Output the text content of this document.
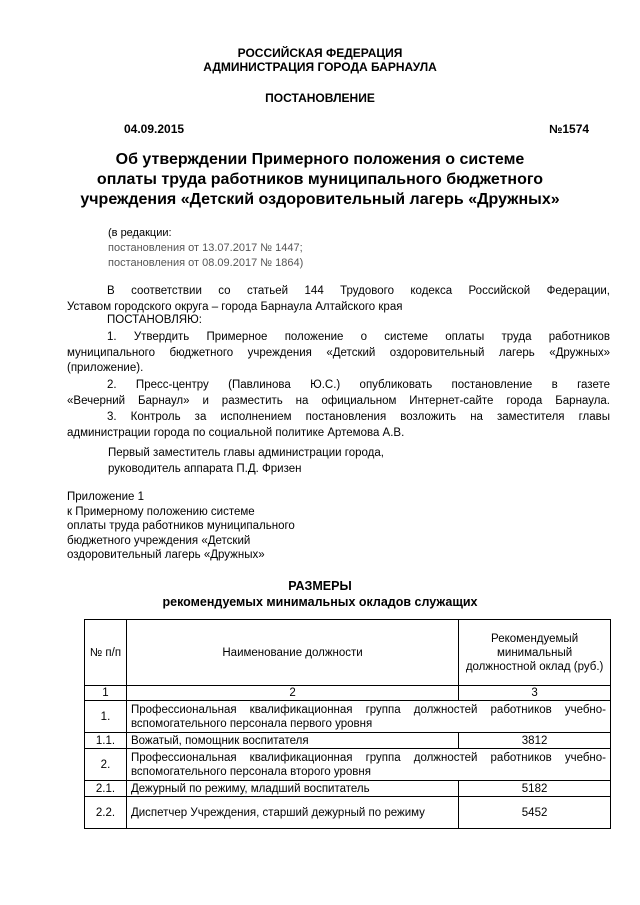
РОССИЙСКАЯ ФЕДЕРАЦИЯ
АДМИНИСТРАЦИЯ ГОРОДА БАРНАУЛА
ПОСТАНОВЛЕНИЕ
04.09.2015	№1574
Об утверждении Примерного положения о системе
оплаты труда работников муниципального бюджетного
учреждения «Детский оздоровительный лагерь «Дружных»
(в редакции:
постановления от 13.07.2017 № 1447;
постановления от 08.09.2017 № 1864)
В соответствии со статьей 144 Трудового кодекса Российской Федерации,
Уставом городского округа – города Барнаула Алтайского края
ПОСТАНОВЛЯЮ:
1. Утвердить Примерное положение о системе оплаты труда работников
муниципального бюджетного учреждения «Детский оздоровительный лагерь «Дружных»
(приложение).
2. Пресс-центру (Павлинова Ю.С.) опубликовать постановление в газете
«Вечерний Барнаул» и разместить на официальном Интернет-сайте города Барнаула.
3. Контроль за исполнением постановления возложить на заместителя главы
администрации города по социальной политике Артемова А.В.
Первый заместитель главы администрации города,
руководитель аппарата П.Д. Фризен
Приложение 1
к Примерному положению системе
оплаты труда работников муниципального
бюджетного учреждения «Детский
оздоровительный лагерь «Дружных»
РАЗМЕРЫ
рекомендуемых минимальных окладов служащих
№ п/п	Наименование должности	Рекомендуемый минимальный должностной оклад (руб.)
1	2	3
1.	Профессиональная квалификационная группа должностей работников учебно-вспомогательного персонала первого уровня	
1.1.	Вожатый, помощник воспитателя	3812
2.	Профессиональная квалификационная группа должностей работников учебно-вспомогательного персонала второго уровня	
2.1.	Дежурный по режиму, младший воспитатель	5182
2.2.	Диспетчер Учреждения, старший дежурный по режиму	5452
